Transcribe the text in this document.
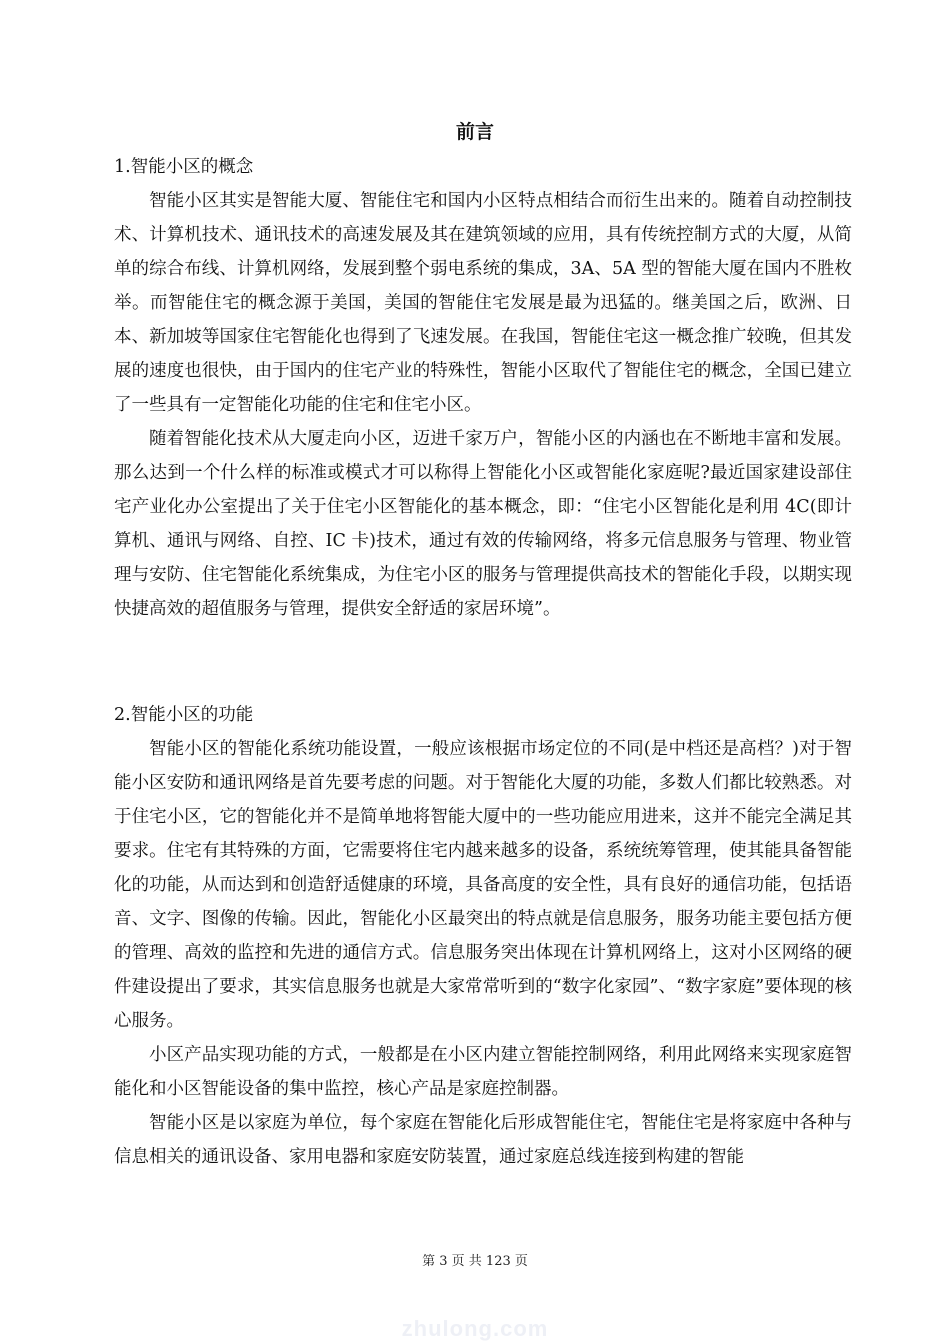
前言

1.智能小区的概念

智能小区其实是智能大厦、智能住宅和国内小区特点相结合而衍生出来的。随着自动控制技术、计算机技术、通讯技术的高速发展及其在建筑领域的应用，具有传统控制方式的大厦，从简单的综合布线、计算机网络，发展到整个弱电系统的集成，3A、5A 型的智能大厦在国内不胜枚举。而智能住宅的概念源于美国，美国的智能住宅发展是最为迅猛的。继美国之后，欧洲、日本、新加坡等国家住宅智能化也得到了飞速发展。在我国，智能住宅这一概念推广较晚，但其发展的速度也很快，由于国内的住宅产业的特殊性，智能小区取代了智能住宅的概念，全国已建立了一些具有一定智能化功能的住宅和住宅小区。

随着智能化技术从大厦走向小区，迈进千家万户，智能小区的内涵也在不断地丰富和发展。那么达到一个什么样的标准或模式才可以称得上智能化小区或智能化家庭呢?最近国家建设部住宅产业化办公室提出了关于住宅小区智能化的基本概念，即：“住宅小区智能化是利用 4C(即计算机、通讯与网络、自控、IC 卡)技术，通过有效的传输网络，将多元信息服务与管理、物业管理与安防、住宅智能化系统集成，为住宅小区的服务与管理提供高技术的智能化手段，以期实现快捷高效的超值服务与管理，提供安全舒适的家居环境”。

2.智能小区的功能

智能小区的智能化系统功能设置，一般应该根据市场定位的不同(是中档还是高档？)对于智能小区安防和通讯网络是首先要考虑的问题。对于智能化大厦的功能，多数人们都比较熟悉。对于住宅小区，它的智能化并不是简单地将智能大厦中的一些功能应用进来，这并不能完全满足其要求。住宅有其特殊的方面，它需要将住宅内越来越多的设备，系统统筹管理，使其能具备智能化的功能，从而达到和创造舒适健康的环境，具备高度的安全性，具有良好的通信功能，包括语音、文字、图像的传输。因此，智能化小区最突出的特点就是信息服务，服务功能主要包括方便的管理、高效的监控和先进的通信方式。信息服务突出体现在计算机网络上，这对小区网络的硬件建设提出了要求，其实信息服务也就是大家常常听到的“数字化家园”、“数字家庭”要体现的核心服务。

小区产品实现功能的方式，一般都是在小区内建立智能控制网络，利用此网络来实现家庭智能化和小区智能设备的集中监控，核心产品是家庭控制器。

智能小区是以家庭为单位，每个家庭在智能化后形成智能住宅，智能住宅是将家庭中各种与信息相关的通讯设备、家用电器和家庭安防装置，通过家庭总线连接到构建的智能

第 3 页 共 123 页
zhulong.com
